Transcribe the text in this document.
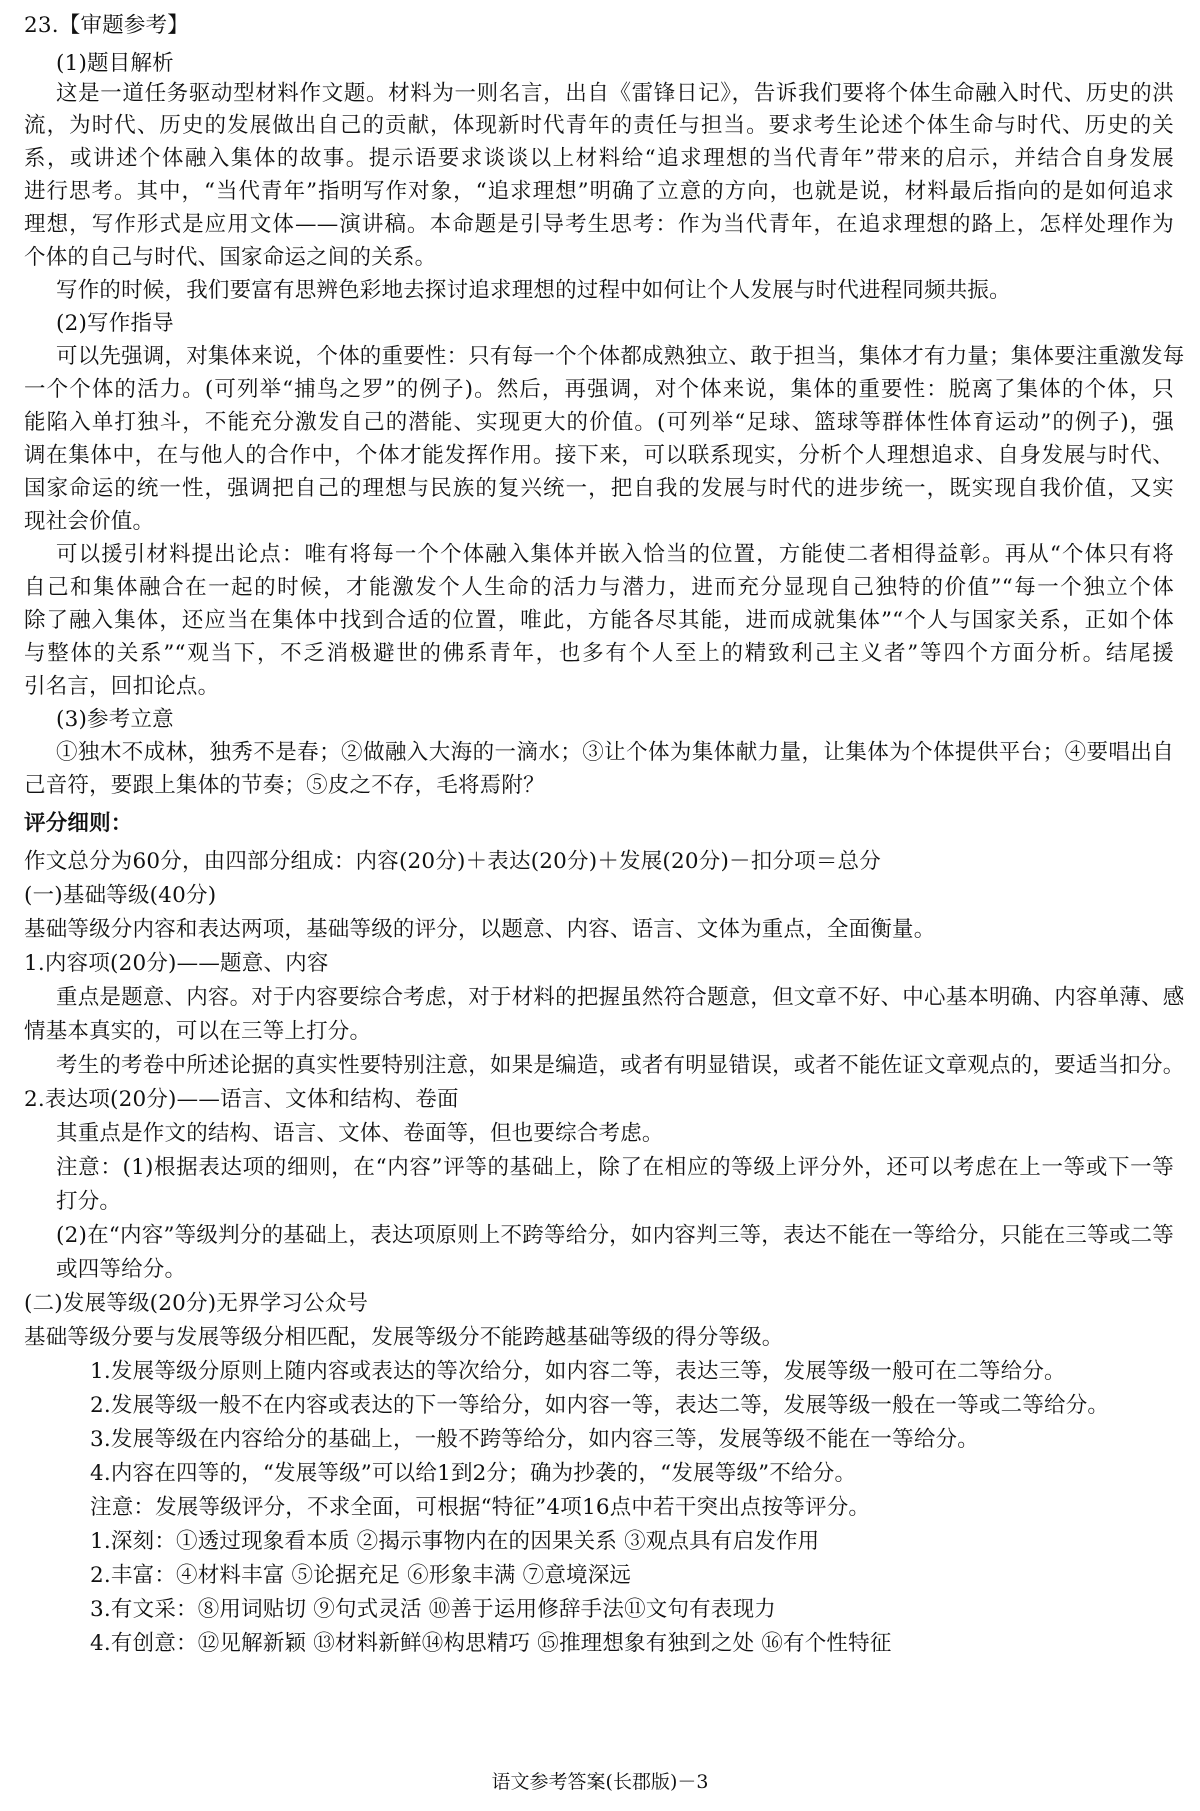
23.【审题参考】
(1)题目解析
这是一道任务驱动型材料作文题。材料为一则名言，出自《雷锋日记》，告诉我们要将个体生命融入时代、历史的洪
流，为时代、历史的发展做出自己的贡献，体现新时代青年的责任与担当。要求考生论述个体生命与时代、历史的关
系，或讲述个体融入集体的故事。提示语要求谈谈以上材料给“追求理想的当代青年”带来的启示，并结合自身发展
进行思考。其中，“当代青年”指明写作对象，“追求理想”明确了立意的方向，也就是说，材料最后指向的是如何追求
理想，写作形式是应用文体——演讲稿。本命题是引导考生思考：作为当代青年，在追求理想的路上，怎样处理作为
个体的自己与时代、国家命运之间的关系。
写作的时候，我们要富有思辨色彩地去探讨追求理想的过程中如何让个人发展与时代进程同频共振。
(2)写作指导
可以先强调，对集体来说，个体的重要性：只有每一个个体都成熟独立、敢于担当，集体才有力量；集体要注重激发每
一个个体的活力。(可列举“捕鸟之罗”的例子)。然后，再强调，对个体来说，集体的重要性：脱离了集体的个体，只
能陷入单打独斗，不能充分激发自己的潜能、实现更大的价值。(可列举“足球、篮球等群体性体育运动”的例子)，强
调在集体中，在与他人的合作中，个体才能发挥作用。接下来，可以联系现实，分析个人理想追求、自身发展与时代、
国家命运的统一性，强调把自己的理想与民族的复兴统一，把自我的发展与时代的进步统一，既实现自我价值，又实
现社会价值。
可以援引材料提出论点：唯有将每一个个体融入集体并嵌入恰当的位置，方能使二者相得益彰。再从“个体只有将
自己和集体融合在一起的时候，才能激发个人生命的活力与潜力，进而充分显现自己独特的价值”“每一个独立个体
除了融入集体，还应当在集体中找到合适的位置，唯此，方能各尽其能，进而成就集体”“个人与国家关系，正如个体
与整体的关系”“观当下，不乏消极避世的佛系青年，也多有个人至上的精致利己主义者”等四个方面分析。结尾援
引名言，回扣论点。
(3)参考立意
①独木不成林，独秀不是春；②做融入大海的一滴水；③让个体为集体献力量，让集体为个体提供平台；④要唱出自
己音符，要跟上集体的节奏；⑤皮之不存，毛将焉附？
评分细则：
作文总分为60分，由四部分组成：内容(20分)＋表达(20分)＋发展(20分)－扣分项＝总分
(一)基础等级(40分)
基础等级分内容和表达两项，基础等级的评分，以题意、内容、语言、文体为重点，全面衡量。
1.内容项(20分)——题意、内容
重点是题意、内容。对于内容要综合考虑，对于材料的把握虽然符合题意，但文章不好、中心基本明确、内容单薄、感
情基本真实的，可以在三等上打分。
考生的考卷中所述论据的真实性要特别注意，如果是编造，或者有明显错误，或者不能佐证文章观点的，要适当扣分。
2.表达项(20分)——语言、文体和结构、卷面
其重点是作文的结构、语言、文体、卷面等，但也要综合考虑。
注意：(1)根据表达项的细则，在“内容”评等的基础上，除了在相应的等级上评分外，还可以考虑在上一等或下一等
打分。
(2)在“内容”等级判分的基础上，表达项原则上不跨等给分，如内容判三等，表达不能在一等给分，只能在三等或二等
或四等给分。
(二)发展等级(20分)无界学习公众号
基础等级分要与发展等级分相匹配，发展等级分不能跨越基础等级的得分等级。
1.发展等级分原则上随内容或表达的等次给分，如内容二等，表达三等，发展等级一般可在二等给分。
2.发展等级一般不在内容或表达的下一等给分，如内容一等，表达二等，发展等级一般在一等或二等给分。
3.发展等级在内容给分的基础上，一般不跨等给分，如内容三等，发展等级不能在一等给分。
4.内容在四等的，“发展等级”可以给1到2分；确为抄袭的，“发展等级”不给分。
注意：发展等级评分，不求全面，可根据“特征”4项16点中若干突出点按等评分。
1.深刻：①透过现象看本质 ②揭示事物内在的因果关系 ③观点具有启发作用
2.丰富：④材料丰富 ⑤论据充足 ⑥形象丰满 ⑦意境深远
3.有文采：⑧用词贴切 ⑨句式灵活 ⑩善于运用修辞手法⑪文句有表现力
4.有创意：⑫见解新颖 ⑬材料新鲜⑭构思精巧 ⑮推理想象有独到之处 ⑯有个性特征
语文参考答案(长郡版)－3
